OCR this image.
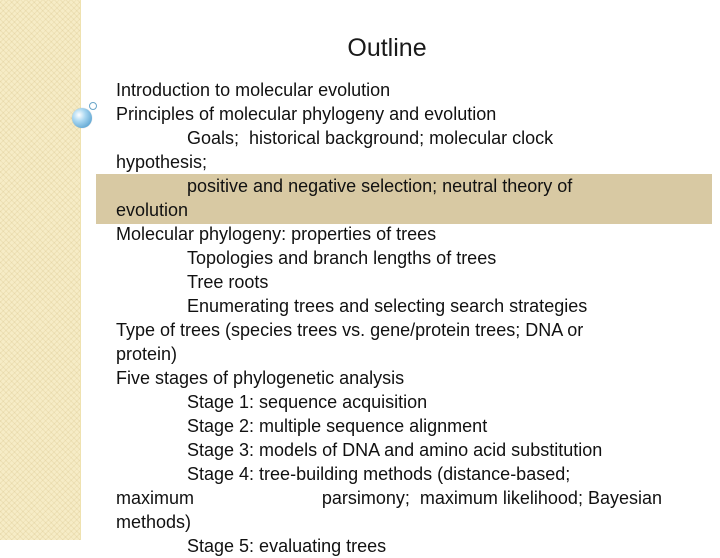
Outline
Introduction to molecular evolution
Principles of molecular phylogeny and evolution
Goals;  historical background; molecular clock
hypothesis;
positive and negative selection; neutral theory of
evolution
Molecular phylogeny: properties of trees
Topologies and branch lengths of trees
Tree roots
Enumerating trees and selecting search strategies
Type of trees (species trees vs. gene/protein trees; DNA or
protein)
Five stages of phylogenetic analysis
Stage 1: sequence acquisition
Stage 2: multiple sequence alignment
Stage 3: models of DNA and amino acid substitution
Stage 4: tree-building methods (distance-based;
maximum	parsimony;  maximum likelihood; Bayesian
methods)
Stage 5: evaluating trees
